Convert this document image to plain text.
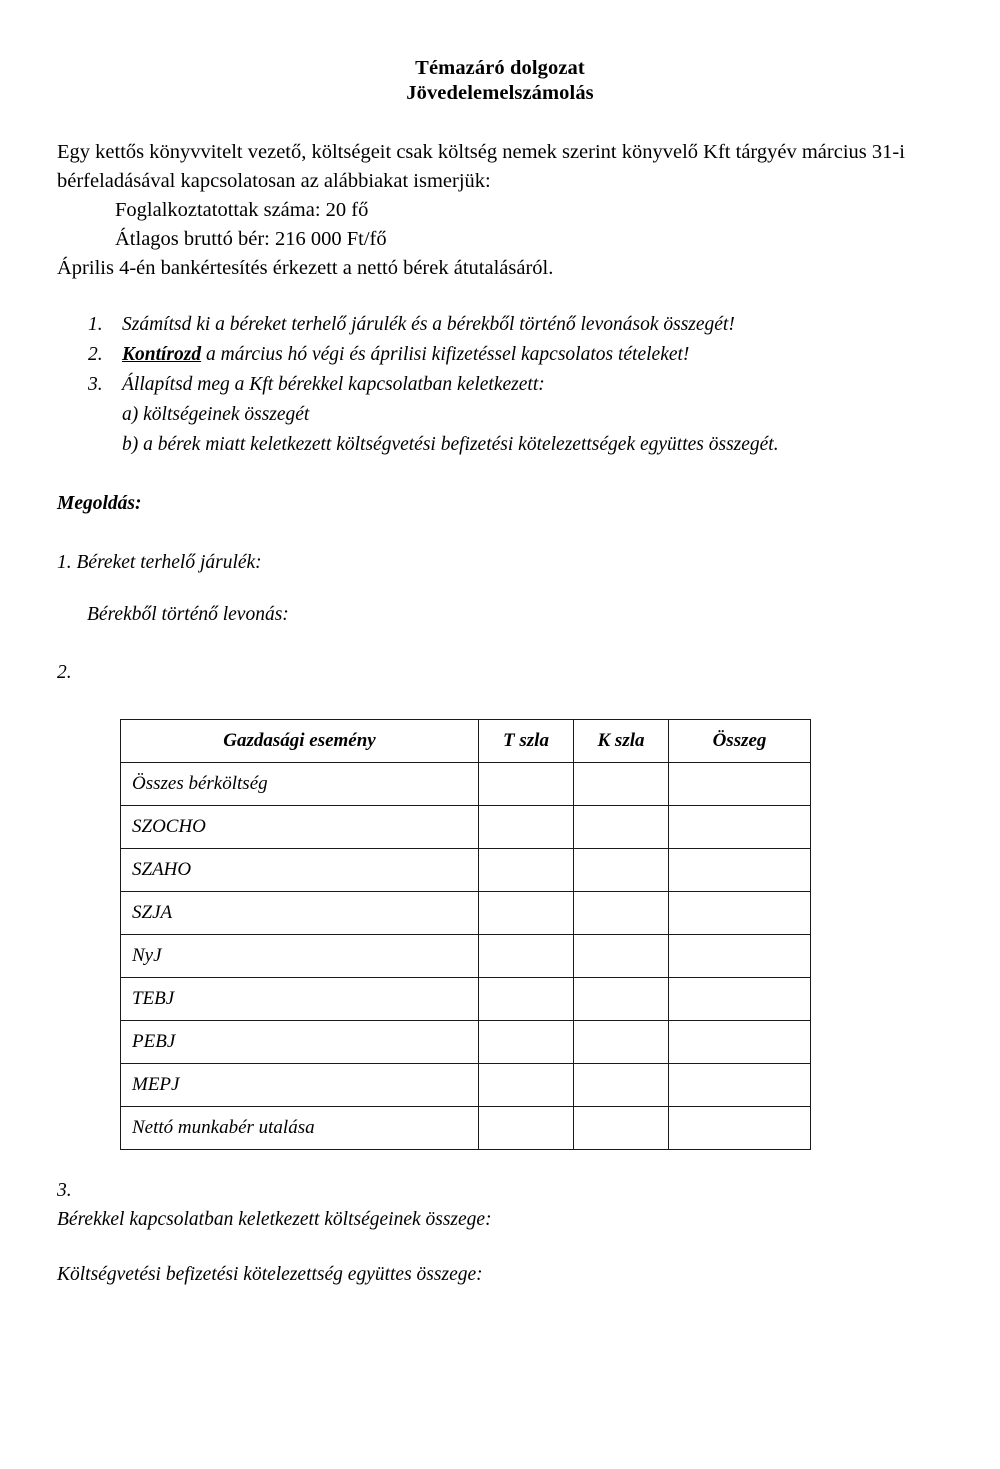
Témazáró dolgozat
Jövedelemelszámolás
Egy kettős könyvvitelt vezető, költségeit csak költség nemek szerint könyvelő Kft tárgyév március 31-i bérfeladásával kapcsolatosan az alábbiakat ismerjük:
Foglalkoztatottak száma: 20 fő
Átlagos bruttó bér: 216 000 Ft/fő
Április 4-én bankértesítés érkezett a nettó bérek átutalásáról.
1. Számítsd ki a béreket terhelő járulék és a bérekből történő levonások összegét!
2. Kontírozd a március hó végi és áprilisi kifizetéssel kapcsolatos tételeket!
3. Állapítsd meg a Kft bérekkel kapcsolatban keletkezett:
a) költségeinek összegét
b) a bérek miatt keletkezett költségvetési befizetési kötelezettségek együttes összegét.
Megoldás:
1. Béreket terhelő járulék:
Bérekből történő levonás:
2.
Gazdasági esemény	T szla	K szla	Összeg
Összes bérköltség			
SZOCHO			
SZAHO			
SZJA			
NyJ			
TEBJ			
PEBJ			
MEPJ			
Nettó munkabér utalása			
3.
Bérekkel kapcsolatban keletkezett költségeinek összege:
Költségvetési befizetési kötelezettség együttes összege:
